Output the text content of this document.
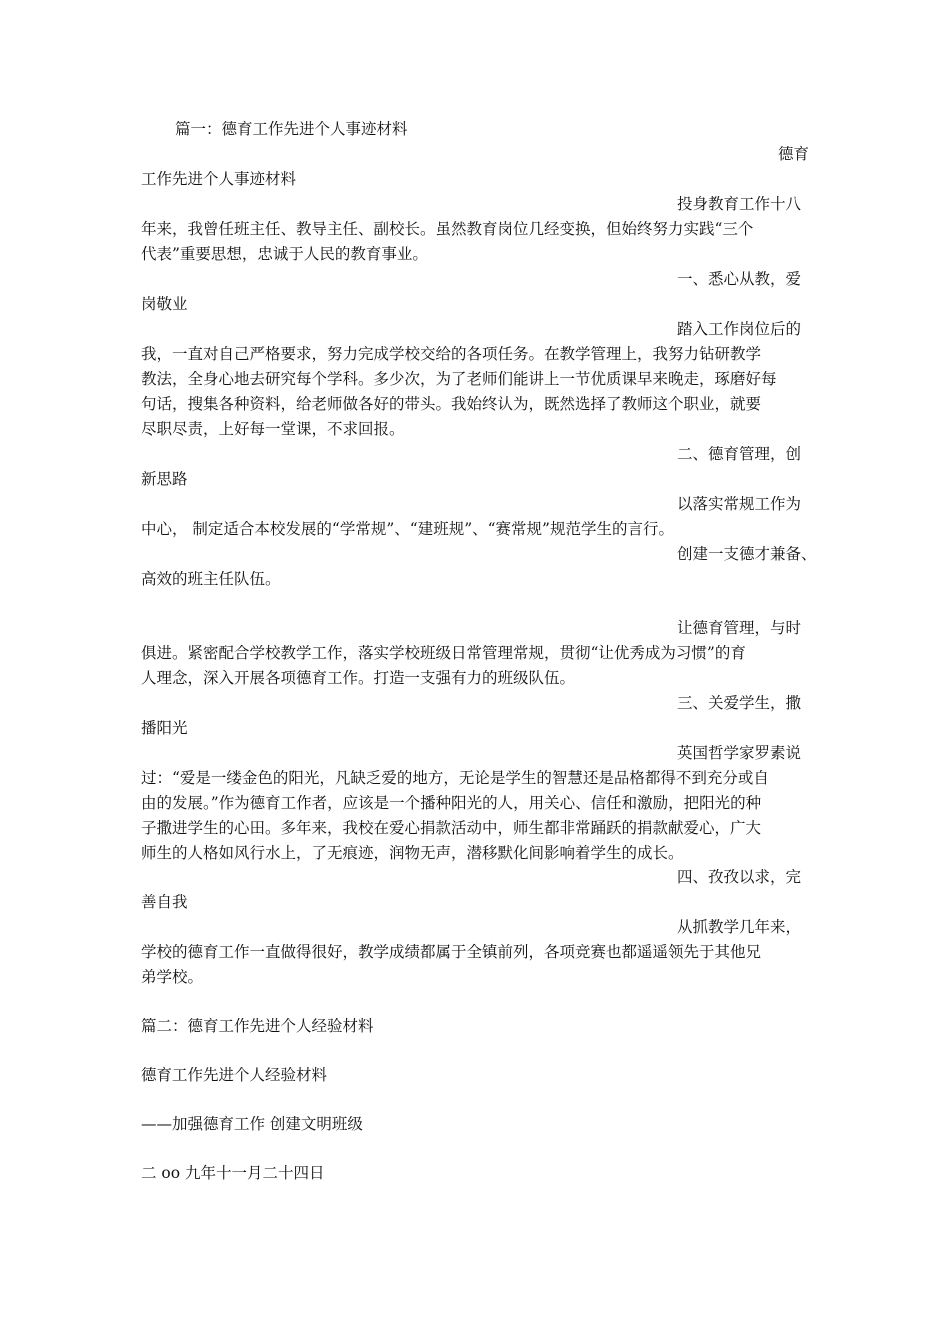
篇一：德育工作先进个人事迹材料
德育
工作先进个人事迹材料
投身教育工作十八
年来，我曾任班主任、教导主任、副校长。虽然教育岗位几经变换，但始终努力实践“三个
代表”重要思想，忠诚于人民的教育事业。
一、悉心从教，爱
岗敬业
踏入工作岗位后的
我，一直对自己严格要求，努力完成学校交给的各项任务。在教学管理上，我努力钻研教学
教法，全身心地去研究每个学科。多少次，为了老师们能讲上一节优质课早来晚走，琢磨好每
句话，搜集各种资料，给老师做各好的带头。我始终认为，既然选择了教师这个职业，就要
尽职尽责，上好每一堂课，不求回报。
二、德育管理，创
新思路
以落实常规工作为
中心， 制定适合本校发展的“学常规”、“建班规”、“赛常规”规范学生的言行。
创建一支德才兼备、
高效的班主任队伍。
让德育管理，与时
俱进。紧密配合学校教学工作，落实学校班级日常管理常规，贯彻“让优秀成为习惯”的育
人理念，深入开展各项德育工作。打造一支强有力的班级队伍。
三、关爱学生，撒
播阳光
英国哲学家罗素说
过：“爱是一缕金色的阳光，凡缺乏爱的地方，无论是学生的智慧还是品格都得不到充分或自
由的发展。”作为德育工作者，应该是一个播种阳光的人，用关心、信任和激励，把阳光的种
子撒进学生的心田。多年来，我校在爱心捐款活动中，师生都非常踊跃的捐款献爱心，广大
师生的人格如风行水上，了无痕迹，润物无声，潜移默化间影响着学生的成长。
四、孜孜以求，完
善自我
从抓教学几年来，
学校的德育工作一直做得很好，教学成绩都属于全镇前列，各项竞赛也都遥遥领先于其他兄
弟学校。
篇二：德育工作先进个人经验材料
德育工作先进个人经验材料
——加强德育工作 创建文明班级
二 oo 九年十一月二十四日
